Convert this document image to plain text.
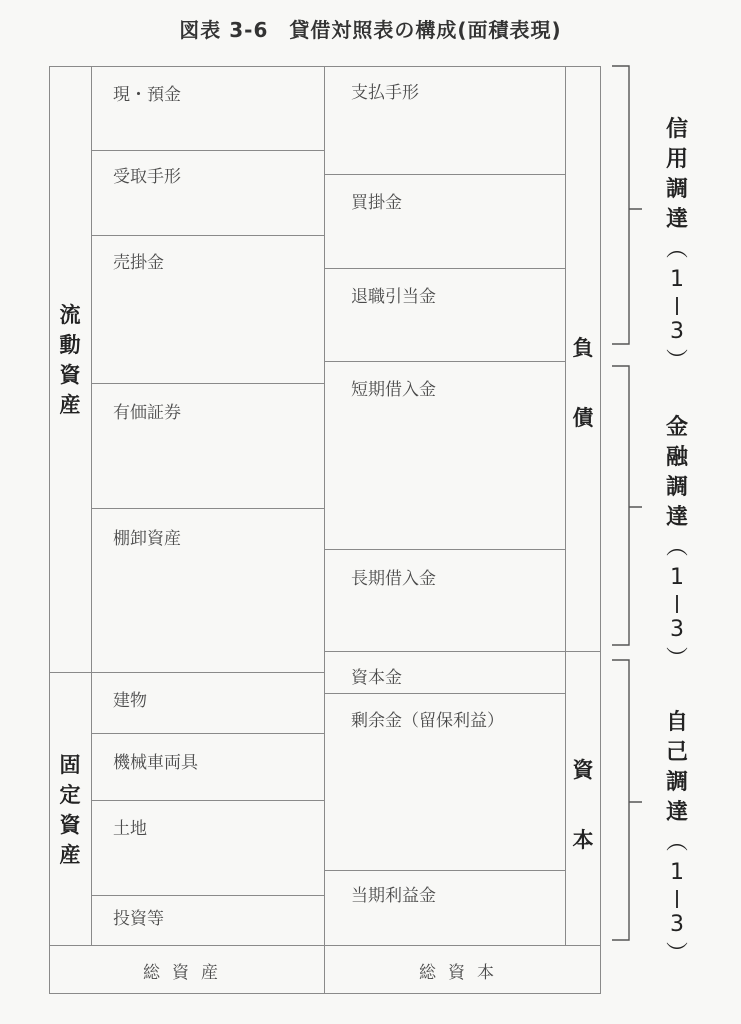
図表 3-6　貸借対照表の構成(面積表現)
現・預金
受取手形
売掛金
有価証券
棚卸資産
建物
機械車両具
土地
投資等
支払手形
買掛金
退職引当金
短期借入金
長期借入金
資本金
剰余金（留保利益）
当期利益金
流
動
資
産
固
定
資
産
負
債
資
本
総資産	総資本
信
用
調
達
︵
1
3
︶
金
融
調
達
︵
1
3
︶
自
己
調
達
︵
1
3
︶
